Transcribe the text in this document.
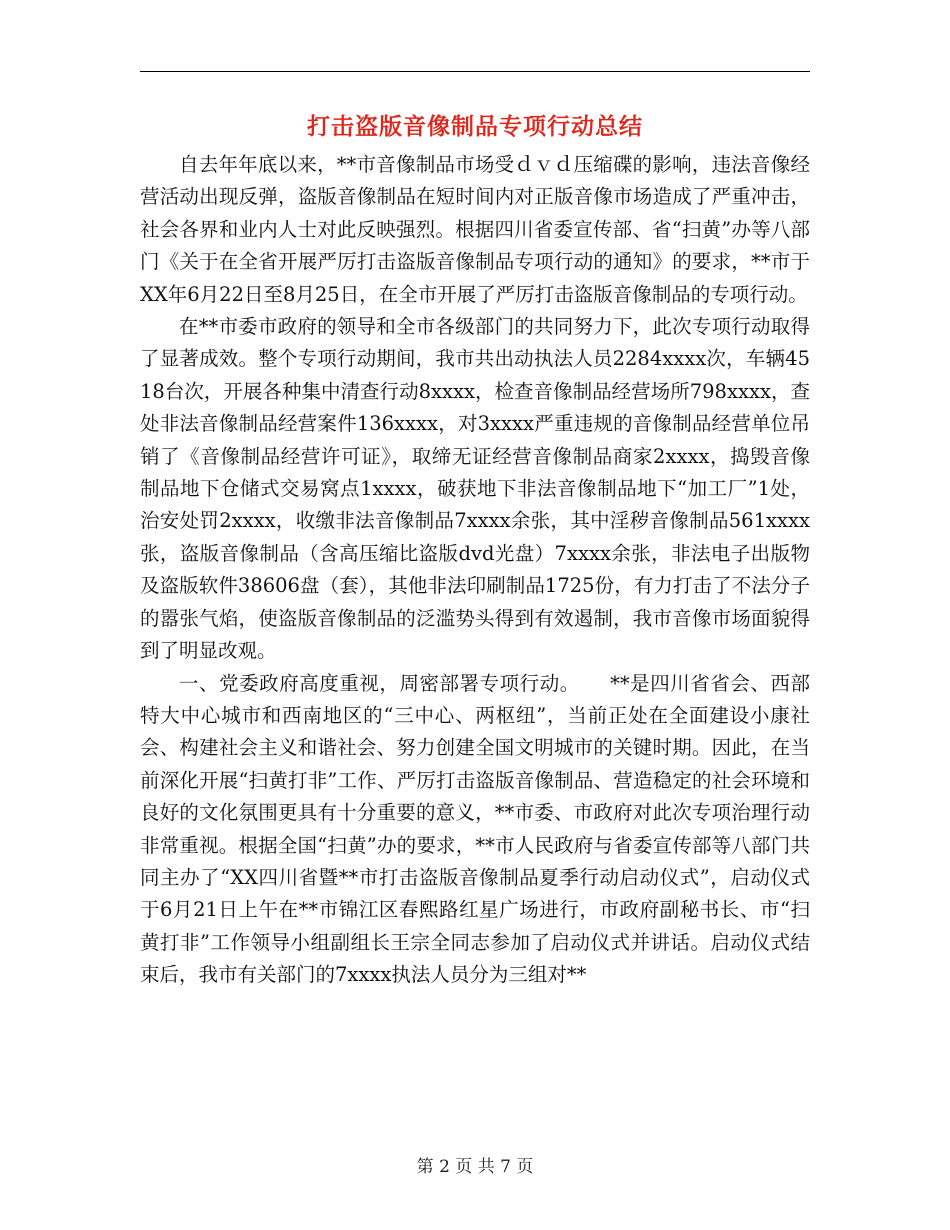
打击盗版音像制品专项行动总结

自去年年底以来，**市音像制品市场受ｄｖｄ压缩碟的影响，违法音像经营活动出现反弹，盗版音像制品在短时间内对正版音像市场造成了严重冲击，社会各界和业内人士对此反映强烈。根据四川省委宣传部、省“扫黄”办等八部门《关于在全省开展严厉打击盗版音像制品专项行动的通知》的要求，**市于XX年6月22日至8月25日，在全市开展了严厉打击盗版音像制品的专项行动。

在**市委市政府的领导和全市各级部门的共同努力下，此次专项行动取得了显著成效。整个专项行动期间，我市共出动执法人员2284xxxx次，车辆4518台次，开展各种集中清查行动8xxxx，检查音像制品经营场所798xxxx，查处非法音像制品经营案件136xxxx，对3xxxx严重违规的音像制品经营单位吊销了《音像制品经营许可证》，取缔无证经营音像制品商家2xxxx，捣毁音像制品地下仓储式交易窝点1xxxx，破获地下非法音像制品地下“加工厂”1处，治安处罚2xxxx，收缴非法音像制品7xxxx余张，其中淫秽音像制品561xxxx张，盗版音像制品（含高压缩比盗版dvd光盘）7xxxx余张，非法电子出版物及盗版软件38606盘（套），其他非法印刷制品1725份，有力打击了不法分子的嚣张气焰，使盗版音像制品的泛滥势头得到有效遏制，我市音像市场面貌得到了明显改观。

一、党委政府高度重视，周密部署专项行动。　　**是四川省省会、西部特大中心城市和西南地区的“三中心、两枢纽”，当前正处在全面建设小康社会、构建社会主义和谐社会、努力创建全国文明城市的关键时期。因此，在当前深化开展“扫黄打非”工作、严厉打击盗版音像制品、营造稳定的社会环境和良好的文化氛围更具有十分重要的意义，**市委、市政府对此次专项治理行动非常重视。根据全国“扫黄”办的要求，**市人民政府与省委宣传部等八部门共同主办了“XX四川省暨**市打击盗版音像制品夏季行动启动仪式”，启动仪式于6月21日上午在**市锦江区春熙路红星广场进行，市政府副秘书长、市“扫黄打非”工作领导小组副组长王宗全同志参加了启动仪式并讲话。启动仪式结束后，我市有关部门的7xxxx执法人员分为三组对**

第 2 页 共 7 页
